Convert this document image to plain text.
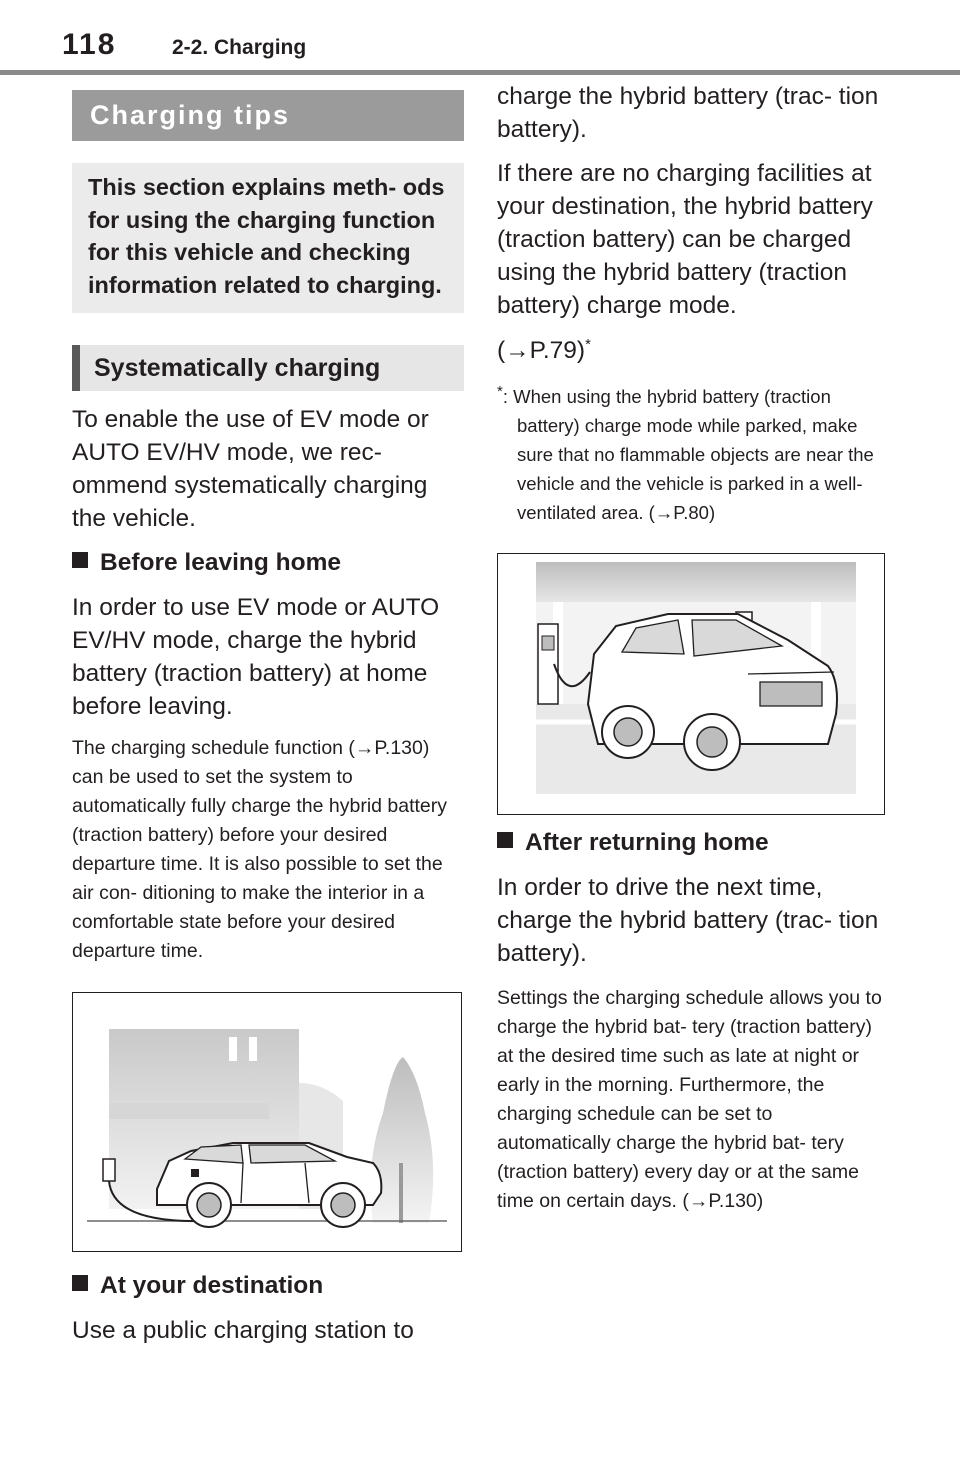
118	2-2. Charging
Charging tips
This section explains meth- ods for using the charging function for this vehicle and checking information related to charging.
Systematically charging

To enable the use of EV mode or AUTO EV/HV mode, we rec- ommend systematically charging the vehicle.

Before leaving home

In order to use EV mode or AUTO EV/HV mode, charge the hybrid battery (traction battery) at home before leaving.

The charging schedule function (→P.130) can be used to set the system to automatically fully charge the hybrid battery (traction battery) before your desired departure time. It is also possible to set the air con- ditioning to make the interior in a comfortable state before your desired departure time.

At your destination

Use a public charging station to

charge the hybrid battery (trac- tion battery).

If there are no charging facilities at your destination, the hybrid battery (traction battery) can be charged using the hybrid battery (traction battery) charge mode.

(→P.79)*

*: When using the hybrid battery (traction battery) charge mode while parked, make sure that no flammable objects are near the vehicle and the vehicle is parked in a well-ventilated area. (→P.80)

After returning home

In order to drive the next time, charge the hybrid battery (trac- tion battery).

Settings the charging schedule allows you to charge the hybrid bat- tery (traction battery) at the desired time such as late at night or early in the morning. Furthermore, the charging schedule can be set to automatically charge the hybrid bat- tery (traction battery) every day or at the same time on certain days. (→P.130)
